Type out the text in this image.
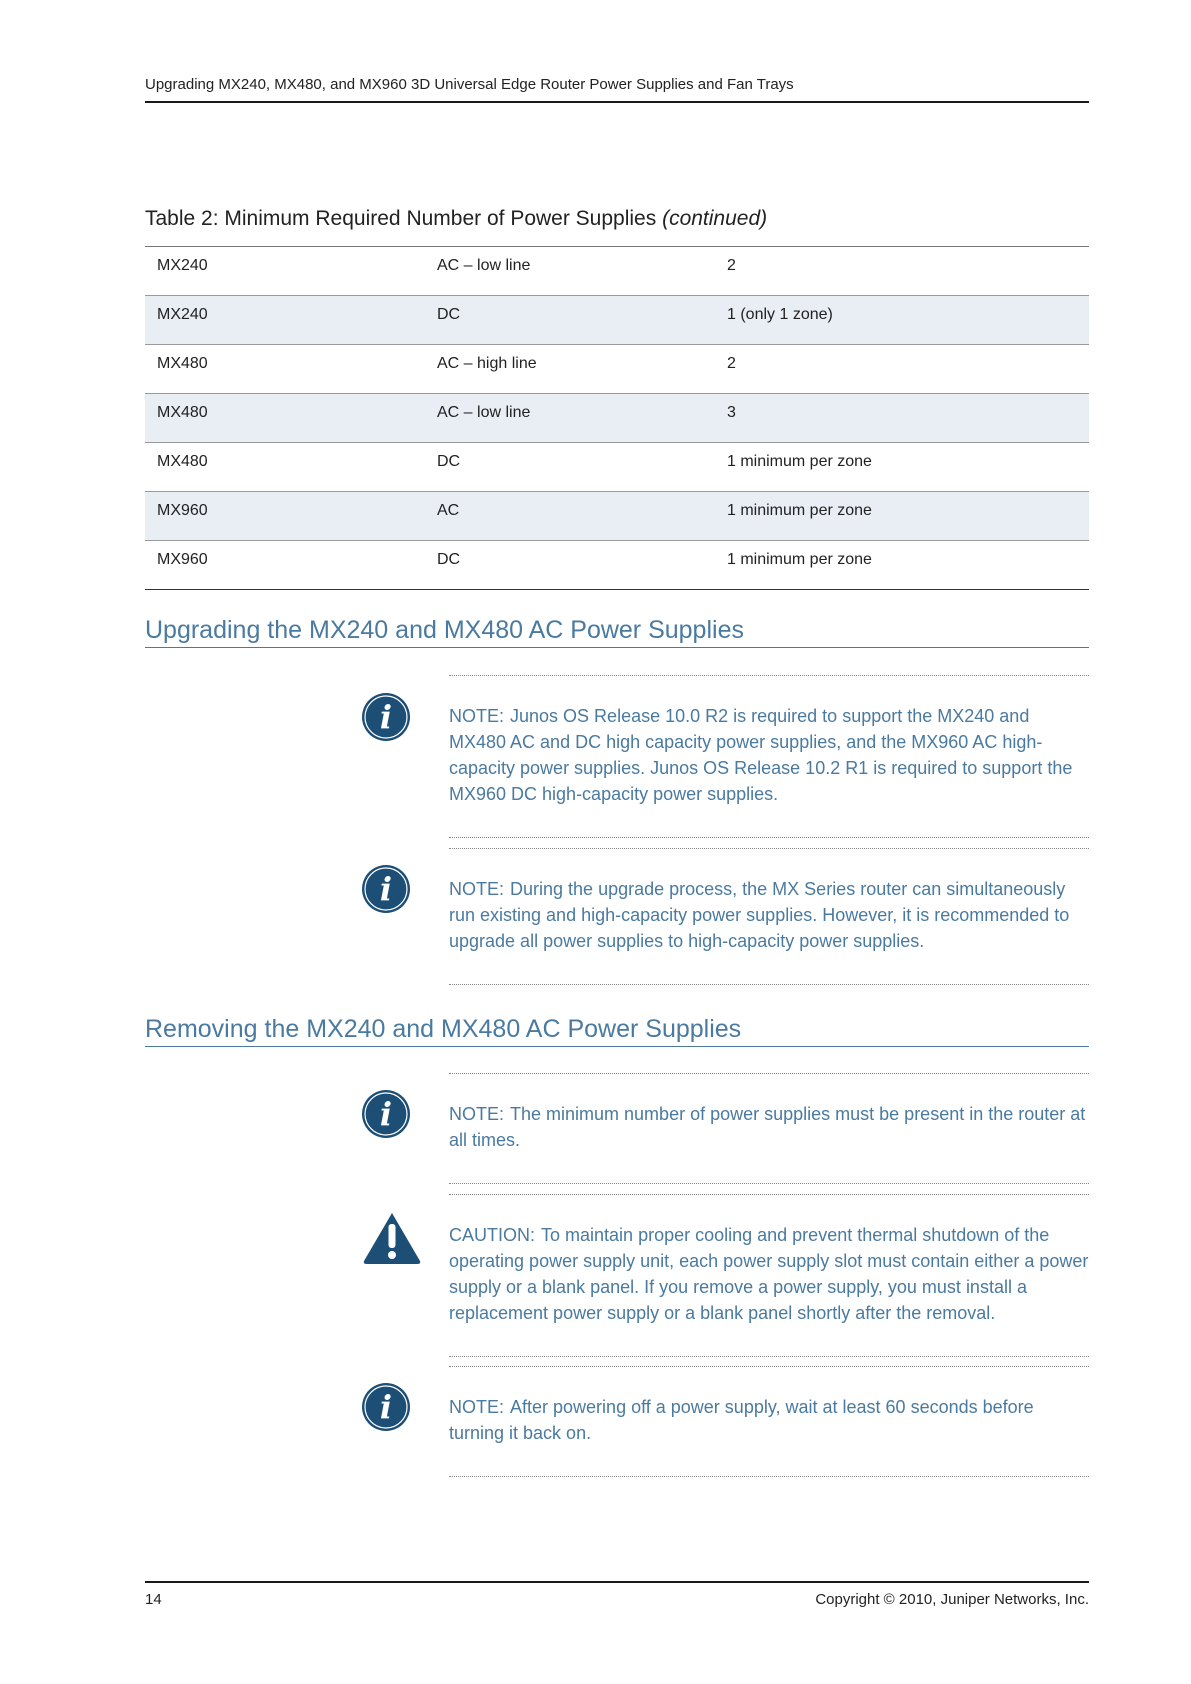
Upgrading MX240, MX480, and MX960 3D Universal Edge Router Power Supplies and Fan Trays
Table 2: Minimum Required Number of Power Supplies (continued)
MX240	AC – low line	2
MX240	DC	1 (only 1 zone)
MX480	AC – high line	2
MX480	AC – low line	3
MX480	DC	1 minimum per zone
MX960	AC	1 minimum per zone
MX960	DC	1 minimum per zone
Upgrading the MX240 and MX480 AC Power Supplies
i	NOTE: Junos OS Release 10.0 R2 is required to support the MX240 and MX480 AC and DC high capacity power supplies, and the MX960 AC high-capacity power supplies. Junos OS Release 10.2 R1 is required to support the MX960 DC high-capacity power supplies.
i	NOTE: During the upgrade process, the MX Series router can simultaneously run existing and high-capacity power supplies. However, it is recommended to upgrade all power supplies to high-capacity power supplies.
Removing the MX240 and MX480 AC Power Supplies
i	NOTE: The minimum number of power supplies must be present in the router at all times.
CAUTION: To maintain proper cooling and prevent thermal shutdown of the operating power supply unit, each power supply slot must contain either a power supply or a blank panel. If you remove a power supply, you must install a replacement power supply or a blank panel shortly after the removal.
i	NOTE: After powering off a power supply, wait at least 60 seconds before turning it back on.
14	Copyright © 2010, Juniper Networks, Inc.
